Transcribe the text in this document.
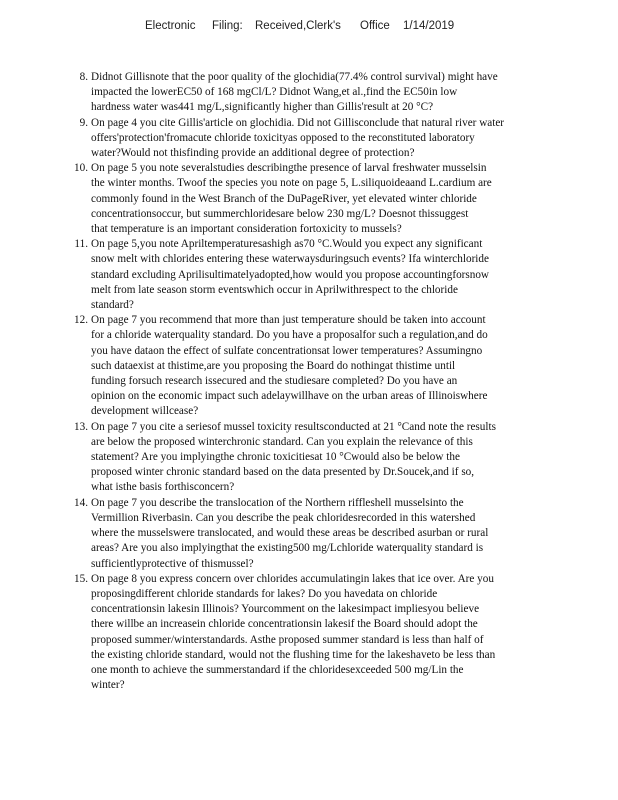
Electronic Filing: Received,Clerk's Office 1/14/2019
8. Didnot Gillisnote that the poor quality of the glochidia(77.4% control survival) might have
impacted the lowerEC50 of 168 mgCl/L? Didnot Wang,et al.,find the EC50in low
hardness water was441 mg/L,significantly higher than Gillis'result at 20 °C?
9. On page 4 you cite Gillis'article on glochidia. Did not Gillisconclude that natural river water
offers'protection'fromacute chloride toxicityas opposed to the reconstituted laboratory
water?Would not thisfinding provide an additional degree of protection?
10. On page 5 you note severalstudies describingthe presence of larval freshwater musselsin
the winter months. Twoof the species you note on page 5, L.siliquoideaand L.cardium are
commonly found in the West Branch of the DuPageRiver, yet elevated winter chloride
concentrationsoccur, but summerchloridesare below 230 mg/L? Doesnot thissuggest
that temperature is an important consideration fortoxicity to mussels?
11. On page 5,you note Apriltemperaturesashigh as70 °C.Would you expect any significant
snow melt with chlorides entering these waterwaysduringsuch events? Ifa winterchloride
standard excluding Aprilisultimatelyadopted,how would you propose accountingforsnow
melt from late season storm eventswhich occur in Aprilwithrespect to the chloride
standard?
12. On page 7 you recommend that more than just temperature should be taken into account
for a chloride waterquality standard. Do you have a proposalfor such a regulation,and do
you have dataon the effect of sulfate concentrationsat lower temperatures? Assumingno
such dataexist at thistime,are you proposing the Board do nothingat thistime until
funding forsuch research issecured and the studiesare completed? Do you have an
opinion on the economic impact such adelaywillhave on the urban areas of Illinoiswhere
development willcease?
13. On page 7 you cite a seriesof mussel toxicity resultsconducted at 21 °Cand note the results
are below the proposed winterchronic standard. Can you explain the relevance of this
statement? Are you implyingthe chronic toxicitiesat 10 °Cwould also be below the
proposed winter chronic standard based on the data presented by Dr.Soucek,and if so,
what isthe basis forthisconcern?
14. On page 7 you describe the translocation of the Northern riffleshell musselsinto the
Vermillion Riverbasin. Can you describe the peak chloridesrecorded in this watershed
where the musselswere translocated, and would these areas be described asurban or rural
areas? Are you also implyingthat the existing500 mg/Lchloride waterquality standard is
sufficientlyprotective of thismussel?
15. On page 8 you express concern over chlorides accumulatingin lakes that ice over. Are you
proposingdifferent chloride standards for lakes? Do you havedata on chloride
concentrationsin lakesin Illinois? Yourcomment on the lakesimpact impliesyou believe
there willbe an increasein chloride concentrationsin lakesif the Board should adopt the
proposed summer/winterstandards. Asthe proposed summer standard is less than half of
the existing chloride standard, would not the flushing time for the lakeshaveto be less than
one month to achieve the summerstandard if the chloridesexceeded 500 mg/Lin the
winter?
